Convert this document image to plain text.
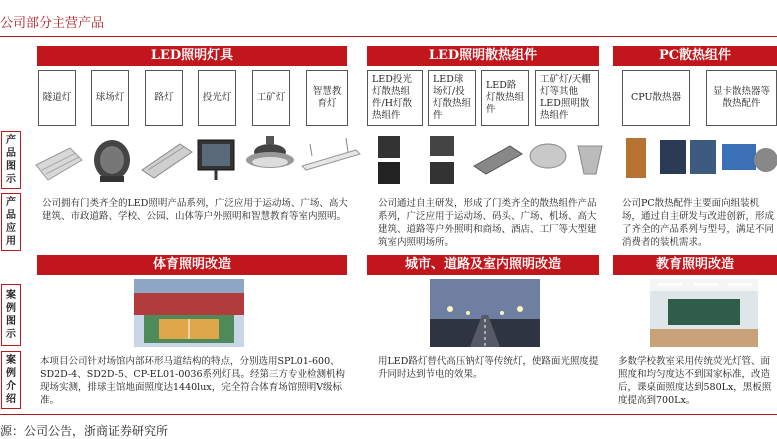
公司部分主营产品
LED照明灯具	LED照明散热组件	PC散热组件
隧道灯	球场灯	路灯	投光灯	工矿灯
智慧教育灯
LED投光灯散热组件/H灯散热组件
LED球场灯/投灯散热组件
LED路灯散热组件
工矿灯/天棚灯等其他LED照明散热组件
CPU散热器
显卡散热器等散热配件
产品图示
产品应用
案例图示
案例介绍
公司拥有门类齐全的LED照明产品系列，广泛应用于运动场、广场、高大建筑、市政道路、学校、公园、山体等户外照明和智慧教育等室内照明。
公司通过自主研发，形成了门类齐全的散热组件产品系列，广泛应用于运动场、码头、广场、机场、高大建筑、道路等户外照明和商场、酒店、工厂等大型建筑室内照明场所。
公司PC散热配件主要面向组装机场，通过自主研发与改进创新，形成了齐全的产品系列与型号，满足不同消费者的装机需求。
体育照明改造	城市、道路及室内照明改造	教育照明改造
本项目公司针对场馆内部环形马道结构的特点，分别选用SPL01-600、SD2D-4、SD2D-5、CP-EL01-0036系列灯具。经第三方专业检测机构现场实测，排球主馆地面照度达1440lux，完全符合体育场馆照明V级标准。
用LED路灯替代高压钠灯等传统灯，使路面光照度提升同时达到节电的效果。
多数学校教室采用传统荧光灯管、面照度和均匀度达不到国家标准，改造后，课桌面照度达到580Lx，黑板照度提高到700Lx。
源：公司公告，浙商证券研究所
